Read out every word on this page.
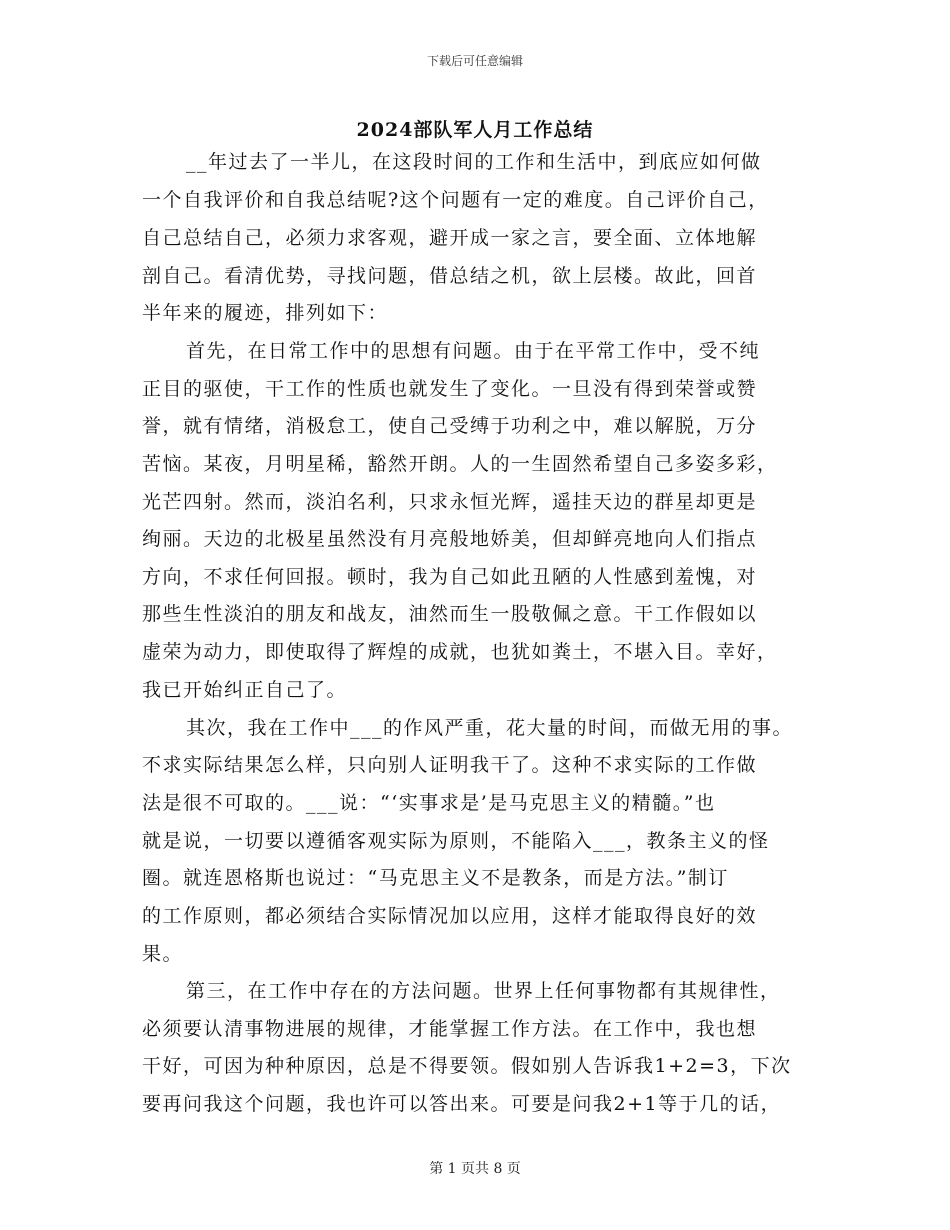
下载后可任意编辑
2024部队军人月工作总结
__年过去了一半儿，在这段时间的工作和生活中，到底应如何做
一个自我评价和自我总结呢?这个问题有一定的难度。自己评价自己，
自己总结自己，必须力求客观，避开成一家之言，要全面、立体地解
剖自己。看清优势，寻找问题，借总结之机，欲上层楼。故此，回首
半年来的履迹，排列如下：
首先，在日常工作中的思想有问题。由于在平常工作中，受不纯
正目的驱使，干工作的性质也就发生了变化。一旦没有得到荣誉或赞
誉，就有情绪，消极怠工，使自己受缚于功利之中，难以解脱，万分
苦恼。某夜，月明星稀，豁然开朗。人的一生固然希望自己多姿多彩，
光芒四射。然而，淡泊名利，只求永恒光辉，遥挂天边的群星却更是
绚丽。天边的北极星虽然没有月亮般地娇美，但却鲜亮地向人们指点
方向，不求任何回报。顿时，我为自己如此丑陋的人性感到羞愧，对
那些生性淡泊的朋友和战友，油然而生一股敬佩之意。干工作假如以
虚荣为动力，即使取得了辉煌的成就，也犹如粪土，不堪入目。幸好，
我已开始纠正自己了。
其次，我在工作中___的作风严重，花大量的时间，而做无用的事。
不求实际结果怎么样，只向别人证明我干了。这种不求实际的工作做
法是很不可取的。___说：“‘实事求是’是马克思主义的精髓。”也
就是说，一切要以遵循客观实际为原则，不能陷入___，教条主义的怪
圈。就连恩格斯也说过：“马克思主义不是教条，而是方法。”制订
的工作原则，都必须结合实际情况加以应用，这样才能取得良好的效
果。
第三，在工作中存在的方法问题。世界上任何事物都有其规律性，
必须要认清事物进展的规律，才能掌握工作方法。在工作中，我也想
干好，可因为种种原因，总是不得要领。假如别人告诉我1+2=3，下次
要再问我这个问题，我也许可以答出来。可要是问我2+1等于几的话，
第 1 页共 8 页
